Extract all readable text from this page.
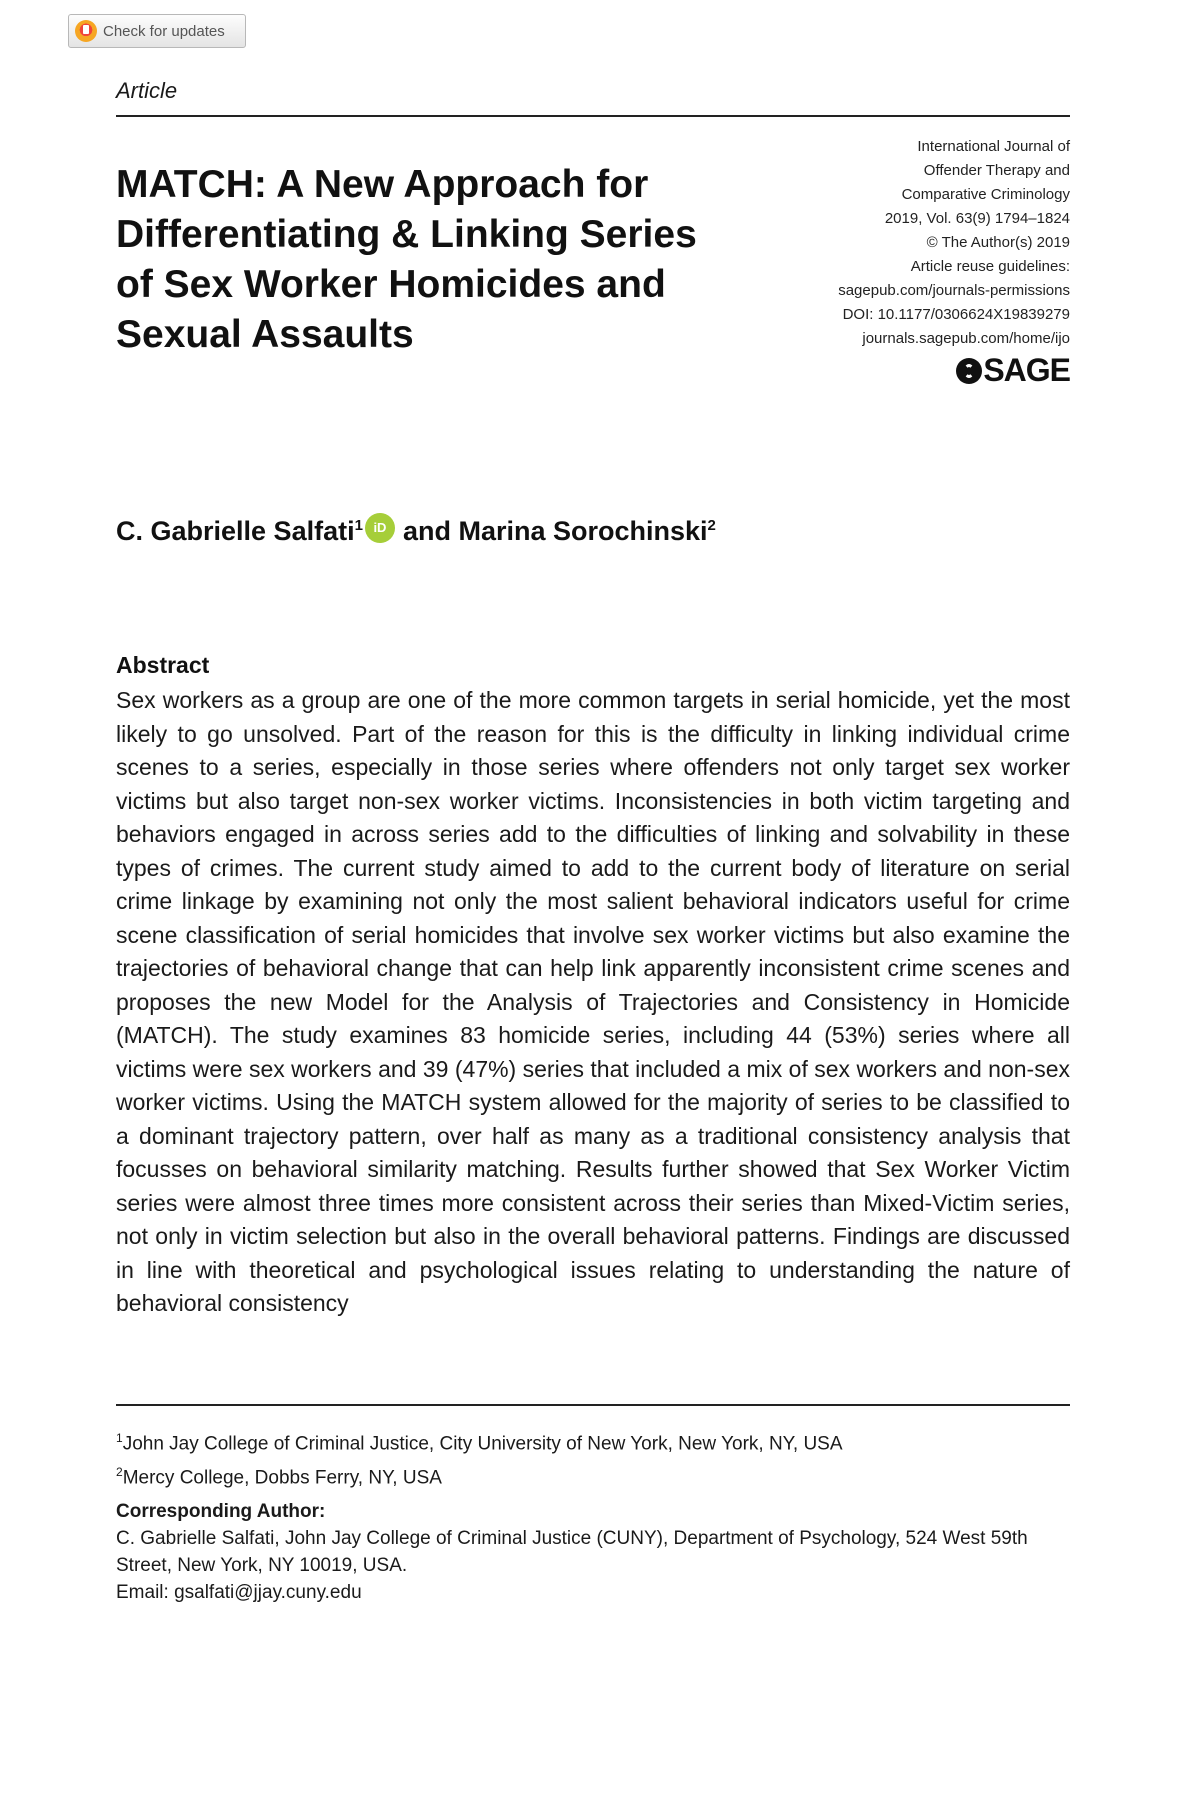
Check for updates
Article
MATCH: A New Approach for Differentiating & Linking Series of Sex Worker Homicides and Sexual Assaults
International Journal of
Offender Therapy and
Comparative Criminology
2019, Vol. 63(9) 1794–1824
© The Author(s) 2019
Article reuse guidelines:
sagepub.com/journals-permissions
DOI: 10.1177/0306624X19839279
journals.sagepub.com/home/ijo
SAGE
C. Gabrielle Salfati$^1$ iD and Marina Sorochinski$^2$
Abstract

Sex workers as a group are one of the more common targets in serial homicide, yet the most likely to go unsolved. Part of the reason for this is the difficulty in linking individual crime scenes to a series, especially in those series where offenders not only target sex worker victims but also target non-sex worker victims. Inconsistencies in both victim targeting and behaviors engaged in across series add to the difficulties of linking and solvability in these types of crimes. The current study aimed to add to the current body of literature on serial crime linkage by examining not only the most salient behavioral indicators useful for crime scene classification of serial homicides that involve sex worker victims but also examine the trajectories of behavioral change that can help link apparently inconsistent crime scenes and proposes the new Model for the Analysis of Trajectories and Consistency in Homicide (MATCH). The study examines 83 homicide series, including 44 (53%) series where all victims were sex workers and 39 (47%) series that included a mix of sex workers and non-sex worker victims. Using the MATCH system allowed for the majority of series to be classified to a dominant trajectory pattern, over half as many as a traditional consistency analysis that focusses on behavioral similarity matching. Results further showed that Sex Worker Victim series were almost three times more consistent across their series than Mixed-Victim series, not only in victim selection but also in the overall behavioral patterns. Findings are discussed in line with theoretical and psychological issues relating to understanding the nature of behavioral consistency

$^1$John Jay College of Criminal Justice, City University of New York, New York, NY, USA
$^2$Mercy College, Dobbs Ferry, NY, USA
Corresponding Author:
C. Gabrielle Salfati, John Jay College of Criminal Justice (CUNY), Department of Psychology, 524 West 59th Street, New York, NY 10019, USA.
Email: gsalfati@jjay.cuny.edu
